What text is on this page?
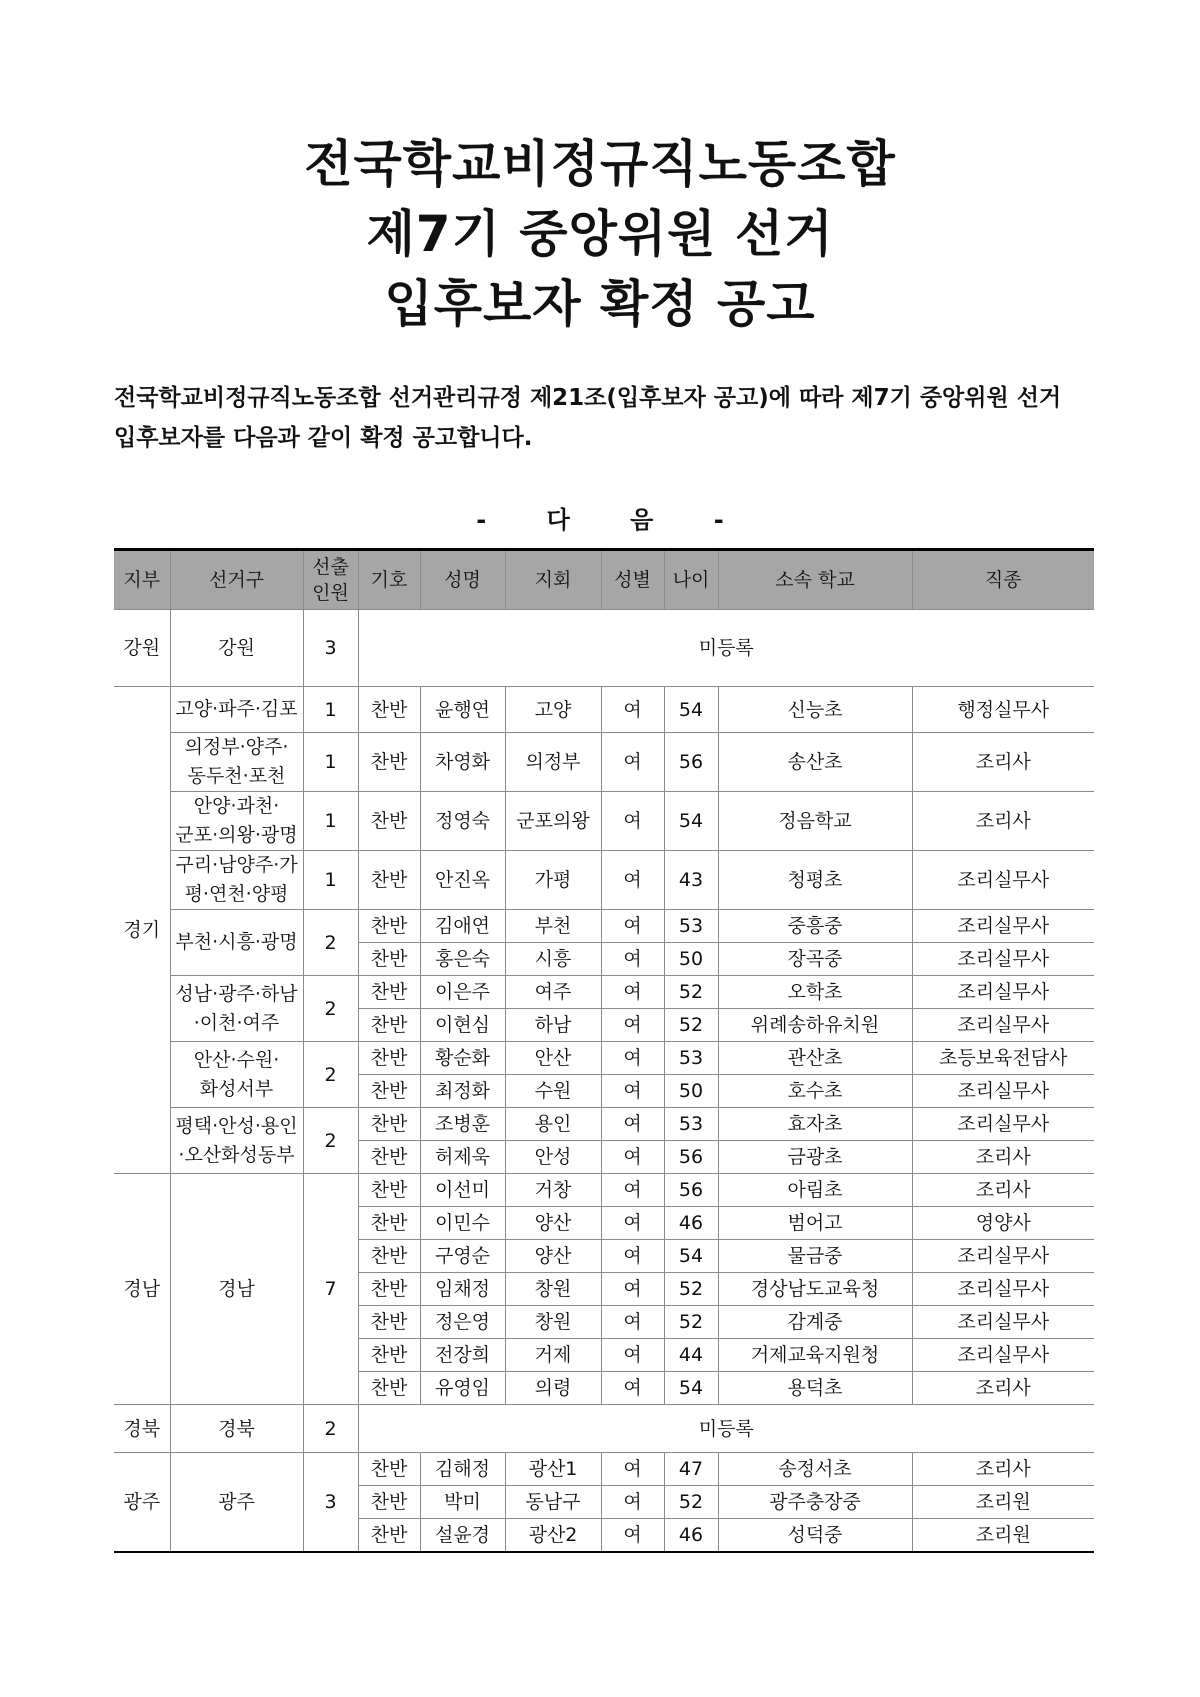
전국학교비정규직노동조합
제7기 중앙위원 선거
입후보자 확정 공고
전국학교비정규직노동조합 선거관리규정 제21조(입후보자 공고)에 따라 제7기 중앙위원 선거
입후보자를 다음과 같이 확정 공고합니다.
-	다	음	-
지부	선거구	선출
인원	기호	성명	지회	성별	나이	소속 학교	직종
강원	강원	3	미등록						
경기	고양·파주·김포	1	찬반	윤행연	고양	여	54	신능초	행정실무사
	의정부·양주·
동두천·포천	1	찬반	차영화	의정부	여	56	송산초	조리사
	안양·과천·
군포·의왕·광명	1	찬반	정영숙	군포의왕	여	54	정음학교	조리사
	구리·남양주·가
평·연천·양평	1	찬반	안진옥	가평	여	43	청평초	조리실무사
	부천·시흥·광명	2	찬반	김애연	부천	여	53	중흥중	조리실무사
			찬반	홍은숙	시흥	여	50	장곡중	조리실무사
	성남·광주·하남
·이천·여주	2	찬반	이은주	여주	여	52	오학초	조리실무사
			찬반	이현심	하남	여	52	위례송하유치원	조리실무사
	안산·수원·
화성서부	2	찬반	황순화	안산	여	53	관산초	초등보육전담사
			찬반	최정화	수원	여	50	호수초	조리실무사
	평택·안성·용인
·오산화성동부	2	찬반	조병훈	용인	여	53	효자초	조리실무사
			찬반	허제욱	안성	여	56	금광초	조리사
경남	경남	7	찬반	이선미	거창	여	56	아림초	조리사
			찬반	이민수	양산	여	46	범어고	영양사
			찬반	구영순	양산	여	54	물금중	조리실무사
			찬반	임채정	창원	여	52	경상남도교육청	조리실무사
			찬반	정은영	창원	여	52	감계중	조리실무사
			찬반	전장희	거제	여	44	거제교육지원청	조리실무사
			찬반	유영임	의령	여	54	용덕초	조리사
경북	경북	2	미등록						
광주	광주	3	찬반	김해정	광산1	여	47	송정서초	조리사
			찬반	박미	동남구	여	52	광주충장중	조리원
			찬반	설윤경	광산2	여	46	성덕중	조리원
